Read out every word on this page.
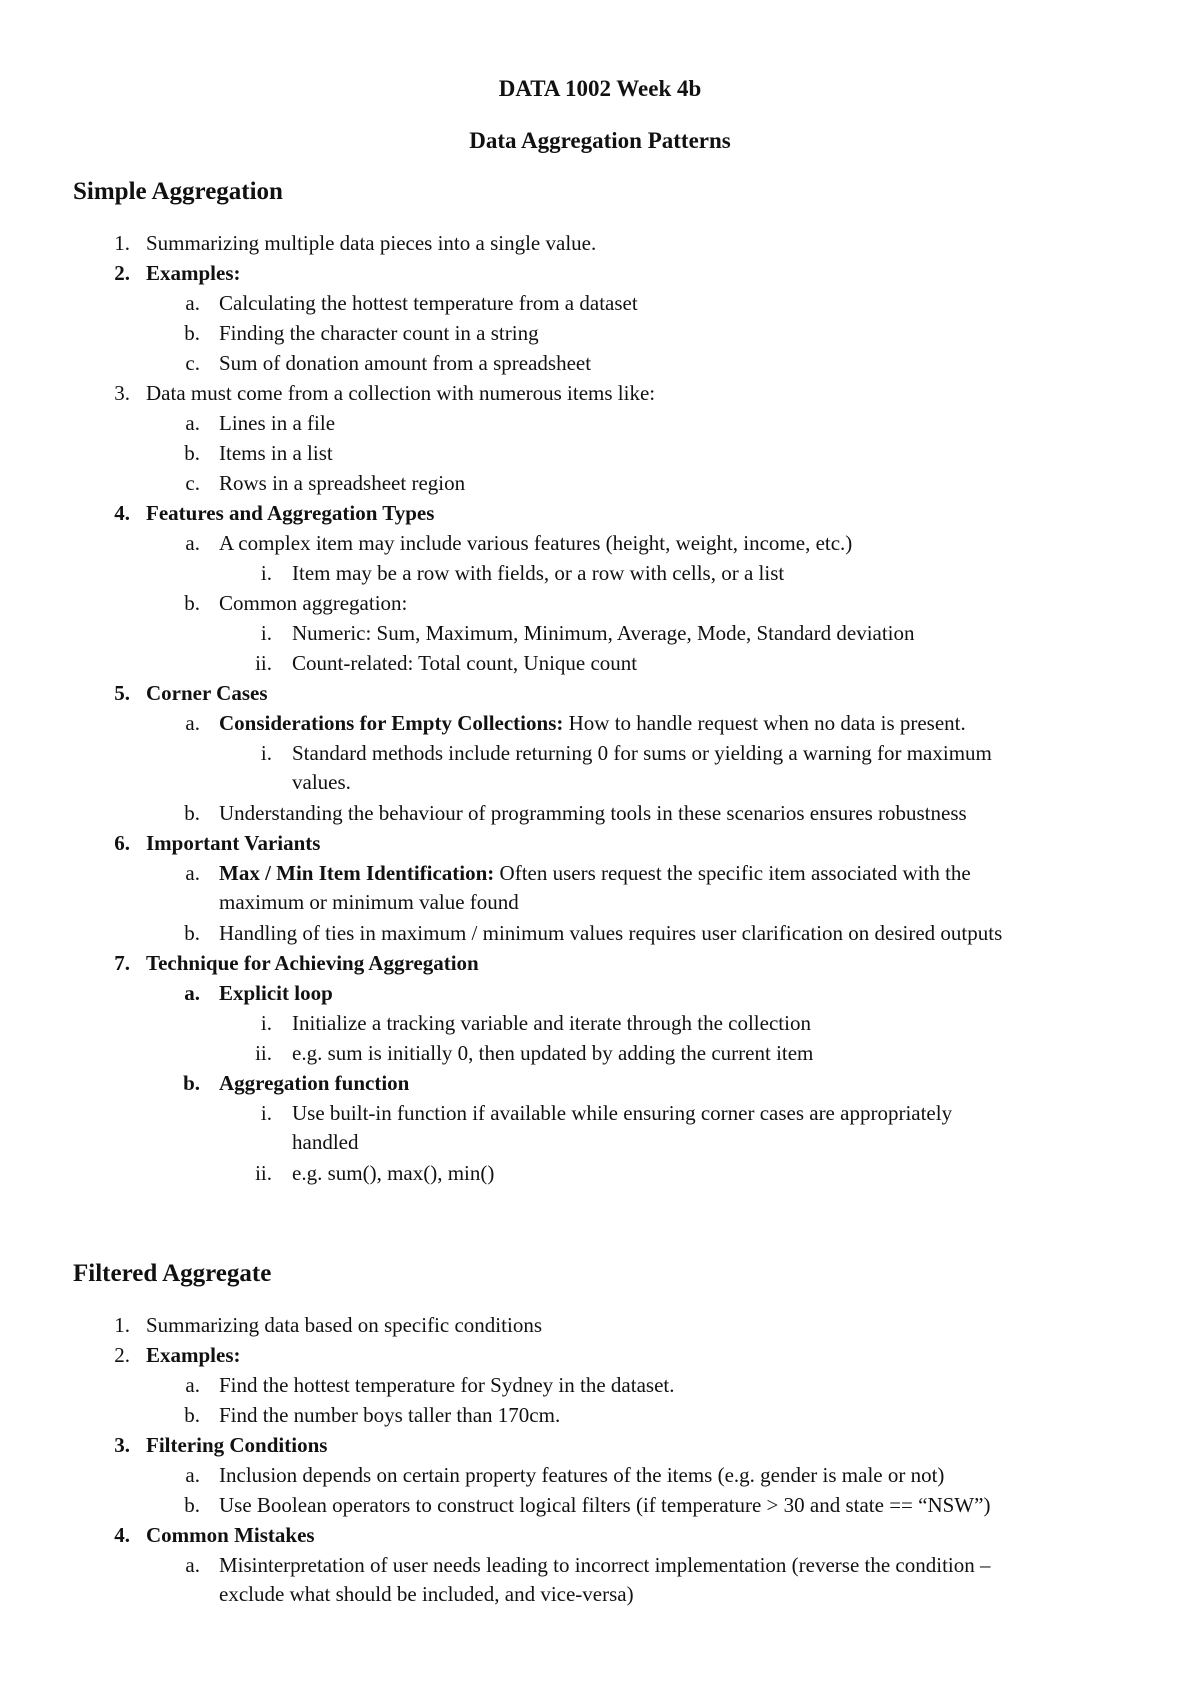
DATA 1002 Week 4b
Data Aggregation Patterns
Simple Aggregation
1. Summarizing multiple data pieces into a single value.
2. Examples:
a. Calculating the hottest temperature from a dataset
b. Finding the character count in a string
c. Sum of donation amount from a spreadsheet
3. Data must come from a collection with numerous items like:
a. Lines in a file
b. Items in a list
c. Rows in a spreadsheet region
4. Features and Aggregation Types
a. A complex item may include various features (height, weight, income, etc.)
i. Item may be a row with fields, or a row with cells, or a list
b. Common aggregation:
i. Numeric: Sum, Maximum, Minimum, Average, Mode, Standard deviation
ii. Count-related: Total count, Unique count
5. Corner Cases
a. Considerations for Empty Collections: How to handle request when no data is present.
i. Standard methods include returning 0 for sums or yielding a warning for maximum
values.
b. Understanding the behaviour of programming tools in these scenarios ensures robustness
6. Important Variants
a. Max / Min Item Identification: Often users request the specific item associated with the
maximum or minimum value found
b. Handling of ties in maximum / minimum values requires user clarification on desired outputs
7. Technique for Achieving Aggregation
a. Explicit loop
i. Initialize a tracking variable and iterate through the collection
ii. e.g. sum is initially 0, then updated by adding the current item
b. Aggregation function
i. Use built-in function if available while ensuring corner cases are appropriately
handled
ii. e.g. sum(), max(), min()
Filtered Aggregate
1. Summarizing data based on specific conditions
2. Examples:
a. Find the hottest temperature for Sydney in the dataset.
b. Find the number boys taller than 170cm.
3. Filtering Conditions
a. Inclusion depends on certain property features of the items (e.g. gender is male or not)
b. Use Boolean operators to construct logical filters (if temperature > 30 and state == “NSW”)
4. Common Mistakes
a. Misinterpretation of user needs leading to incorrect implementation (reverse the condition –
exclude what should be included, and vice-versa)
